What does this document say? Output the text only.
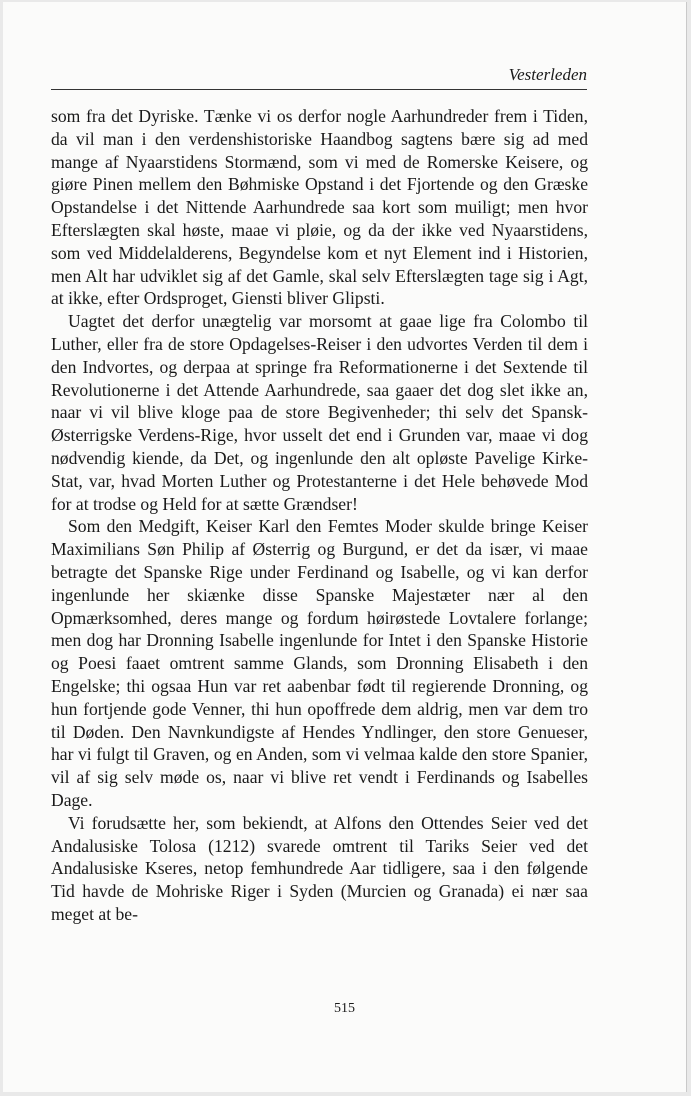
Vesterleden

som fra det Dyriske. Tænke vi os derfor nogle Aarhundreder frem i Tiden, da vil man i den verdenshistoriske Haandbog sagtens bære sig ad med mange af Nyaarstidens Stormænd, som vi med de Romerske Keisere, og giøre Pinen mellem den Bøhmiske Opstand i det Fjortende og den Græske Opstandelse i det Nittende Aarhundrede saa kort som muiligt; men hvor Efterslægten skal høste, maae vi pløie, og da der ikke ved Nyaarstidens, som ved Middelalderens, Begyndelse kom et nyt Element ind i Historien, men Alt har udviklet sig af det Gamle, skal selv Efterslægten tage sig i Agt, at ikke, efter Ordsproget, Giensti bliver Glipsti.

Uagtet det derfor unægtelig var morsomt at gaae lige fra Colombo til Luther, eller fra de store Opdagelses-Reiser i den udvortes Verden til dem i den Indvortes, og derpaa at springe fra Reformationerne i det Sextende til Revolutionerne i det Attende Aarhundrede, saa gaaer det dog slet ikke an, naar vi vil blive kloge paa de store Begivenheder; thi selv det Spansk-Østerrigske Verdens-Rige, hvor usselt det end i Grunden var, maae vi dog nødvendig kiende, da Det, og ingenlunde den alt opløste Pavelige Kirke-Stat, var, hvad Morten Luther og Protestanterne i det Hele behøvede Mod for at trodse og Held for at sætte Grændser!

Som den Medgift, Keiser Karl den Femtes Moder skulde bringe Keiser Maximilians Søn Philip af Østerrig og Burgund, er det da især, vi maae betragte det Spanske Rige under Ferdinand og Isabelle, og vi kan derfor ingenlunde her skiænke disse Spanske Majestæter nær al den Opmærksomhed, deres mange og fordum høirøstede Lovtalere forlange; men dog har Dronning Isabelle ingenlunde for Intet i den Spanske Historie og Poesi faaet omtrent samme Glands, som Dronning Elisabeth i den Engelske; thi ogsaa Hun var ret aabenbar født til regierende Dronning, og hun fortjende gode Venner, thi hun opoffrede dem aldrig, men var dem tro til Døden. Den Navnkundigste af Hendes Yndlinger, den store Genueser, har vi fulgt til Graven, og en Anden, som vi velmaa kalde den store Spanier, vil af sig selv møde os, naar vi blive ret vendt i Ferdinands og Isabelles Dage.

Vi forudsætte her, som bekiendt, at Alfons den Ottendes Seier ved det Andalusiske Tolosa (1212) svarede omtrent til Tariks Seier ved det Andalusiske Kseres, netop femhundrede Aar tidligere, saa i den følgende Tid havde de Mohriske Riger i Syden (Murcien og Granada) ei nær saa meget at be-

515
